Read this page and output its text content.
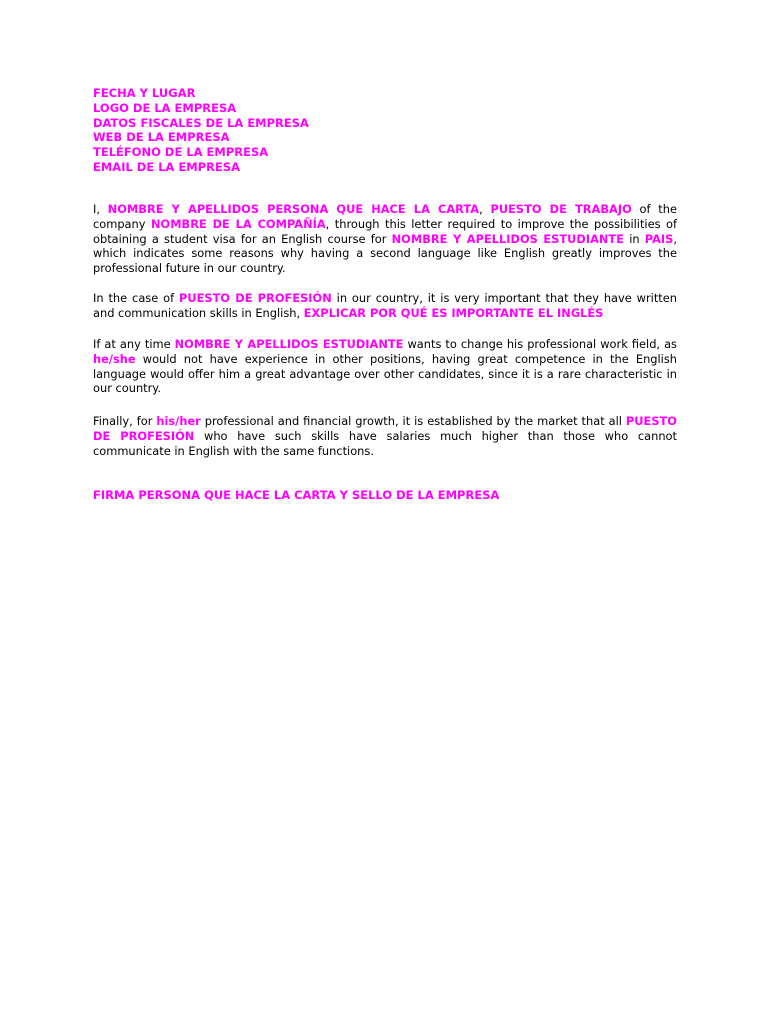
FECHA Y LUGAR
LOGO DE LA EMPRESA
DATOS FISCALES DE LA EMPRESA
WEB DE LA EMPRESA
TELÉFONO DE LA EMPRESA
EMAIL DE LA EMPRESA

I, NOMBRE Y APELLIDOS PERSONA QUE HACE LA CARTA, PUESTO DE TRABAJO of the company NOMBRE DE LA COMPAÑÍA, through this letter required to improve the possibilities of obtaining a student visa for an English course for NOMBRE Y APELLIDOS ESTUDIANTE in PAIS, which indicates some reasons why having a second language like English greatly improves the professional future in our country.

In the case of PUESTO DE PROFESIÓN in our country, it is very important that they have written and communication skills in English, EXPLICAR POR QUÉ ES IMPORTANTE EL INGLÉS

If at any time NOMBRE Y APELLIDOS ESTUDIANTE wants to change his professional work field, as he/she would not have experience in other positions, having great competence in the English language would offer him a great advantage over other candidates, since it is a rare characteristic in our country.

Finally, for his/her professional and financial growth, it is established by the market that all PUESTO DE PROFESIÓN who have such skills have salaries much higher than those who cannot communicate in English with the same functions.

FIRMA PERSONA QUE HACE LA CARTA Y SELLO DE LA EMPRESA
